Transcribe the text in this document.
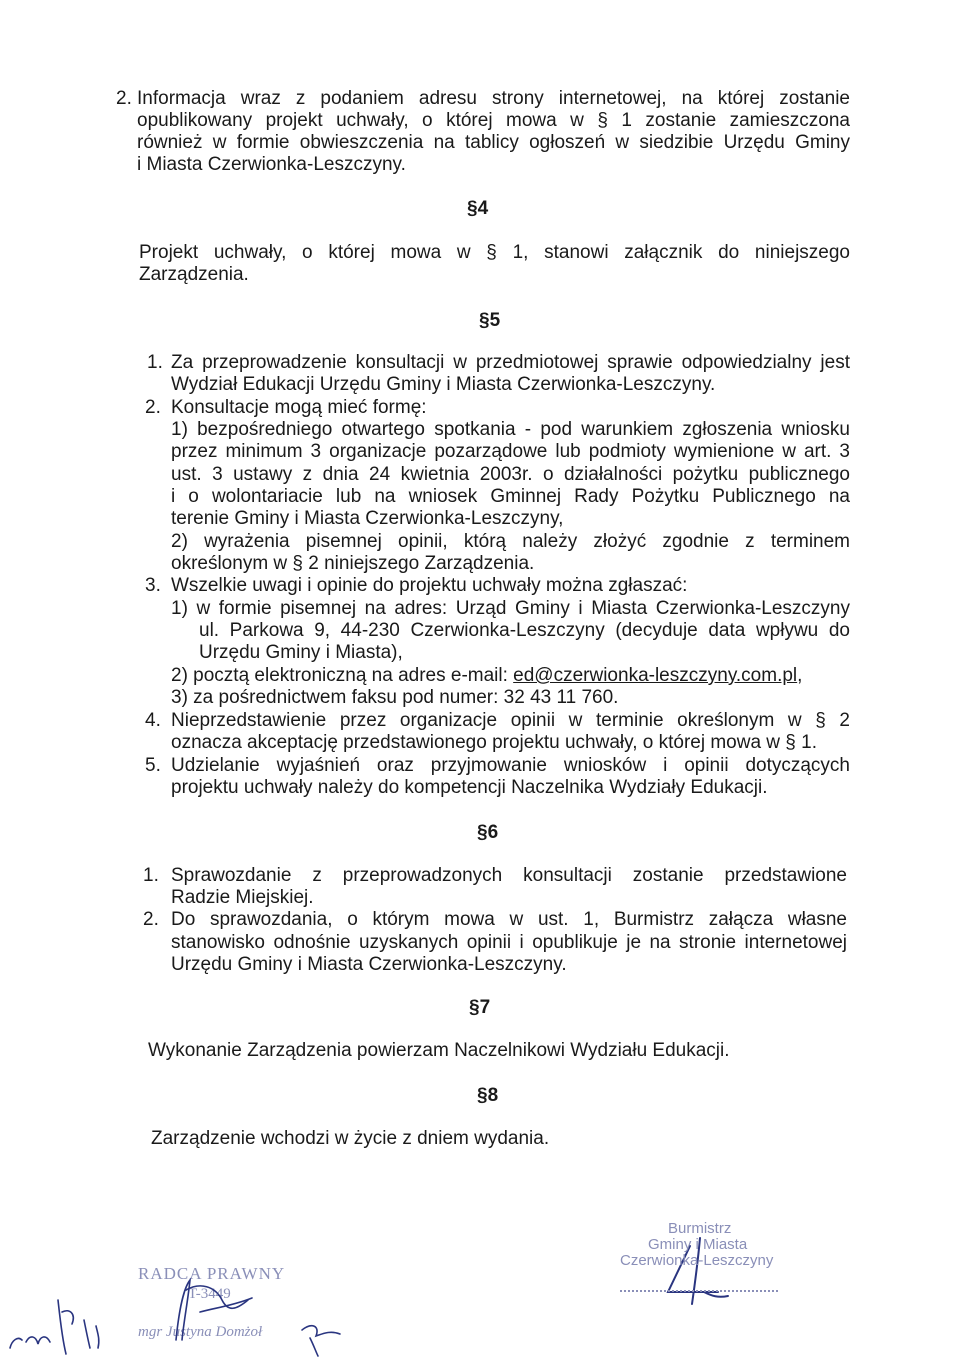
2. Informacja wraz z podaniem adresu strony internetowej, na której zostanie
opublikowany projekt uchwały, o której mowa w § 1 zostanie zamieszczona
również w formie obwieszczenia na tablicy ogłoszeń w siedzibie Urzędu Gminy
i Miasta Czerwionka-Leszczyny.
§4
Projekt uchwały, o której mowa w § 1, stanowi załącznik do niniejszego
Zarządzenia.
§5
1. Za przeprowadzenie konsultacji w przedmiotowej sprawie odpowiedzialny jest
Wydział Edukacji Urzędu Gminy i Miasta Czerwionka-Leszczyny.
2. Konsultacje mogą mieć formę:
1) bezpośredniego otwartego spotkania - pod warunkiem zgłoszenia wniosku
przez minimum 3 organizacje pozarządowe lub podmioty wymienione w art. 3
ust. 3 ustawy z dnia 24 kwietnia 2003r. o działalności pożytku publicznego
i o wolontariacie lub na wniosek Gminnej Rady Pożytku Publicznego na
terenie Gminy i Miasta Czerwionka-Leszczyny,
2) wyrażenia pisemnej opinii, którą należy złożyć zgodnie z terminem
określonym w § 2 niniejszego Zarządzenia.
3. Wszelkie uwagi i opinie do projektu uchwały można zgłaszać:
1) w formie pisemnej na adres: Urząd Gminy i Miasta Czerwionka-Leszczyny
ul. Parkowa 9, 44-230 Czerwionka-Leszczyny (decyduje data wpływu do
Urzędu Gminy i Miasta),
2) pocztą elektroniczną na adres e-mail: ed@czerwionka-leszczyny.com.pl,
3) za pośrednictwem faksu pod numer: 32 43 11 760.
4. Nieprzedstawienie przez organizacje opinii w terminie określonym w § 2
oznacza akceptację przedstawionego projektu uchwały, o której mowa w § 1.
5. Udzielanie wyjaśnień oraz przyjmowanie wniosków i opinii dotyczących
projektu uchwały należy do kompetencji Naczelnika Wydziały Edukacji.
§6
1. Sprawozdanie z przeprowadzonych konsultacji zostanie przedstawione
Radzie Miejskiej.
2. Do sprawozdania, o którym mowa w ust. 1, Burmistrz załącza własne
stanowisko odnośnie uzyskanych opinii i opublikuje je na stronie internetowej
Urzędu Gminy i Miasta Czerwionka-Leszczyny.
§7
Wykonanie Zarządzenia powierzam Naczelnikowi Wydziału Edukacji.
§8
Zarządzenie wchodzi w życie z dniem wydania.
RADCA PRAWNY
T-3449
mgr Justyna Domżoł
Burmistrz
Gminy i Miasta
Czerwionka-Leszczyny
